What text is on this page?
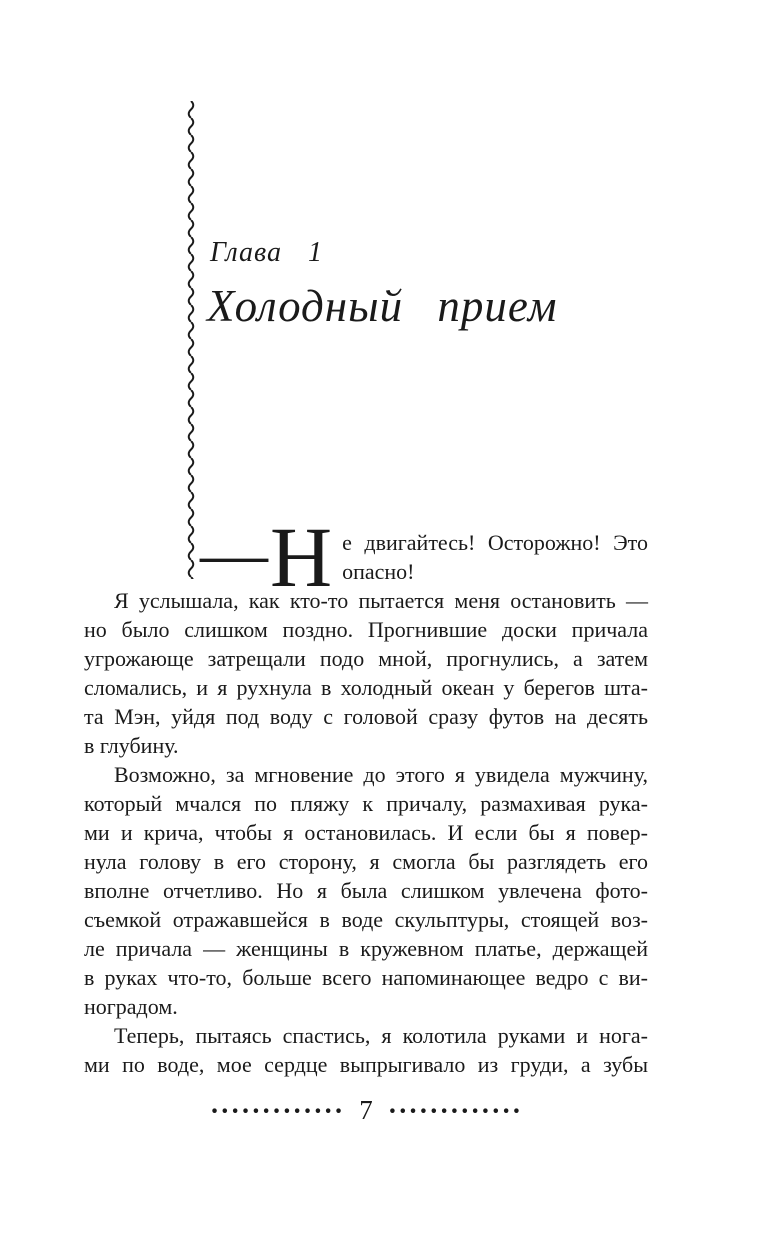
Глава 1
Холодный прием
—Н е двигайтесь! Осторожно! Это
опасно!
Я услышала, как кто-то пытается меня остановить —
но было слишком поздно. Прогнившие доски причала
угрожающе затрещали подо мной, прогнулись, а затем
сломались, и я рухнула в холодный океан у берегов шта-
та Мэн, уйдя под воду с головой сразу футов на десять
в глубину.
Возможно, за мгновение до этого я увидела мужчину,
который мчался по пляжу к причалу, размахивая рука-
ми и крича, чтобы я остановилась. И если бы я повер-
нула голову в его сторону, я смогла бы разглядеть его
вполне отчетливо. Но я была слишком увлечена фото-
съемкой отражавшейся в воде скульптуры, стоящей воз-
ле причала — женщины в кружевном платье, держащей
в руках что-то, больше всего напоминающее ведро с ви-
ноградом.
Теперь, пытаясь спастись, я колотила руками и нога-
ми по воде, мое сердце выпрыгивало из груди, а зубы
············· 7 ·············
